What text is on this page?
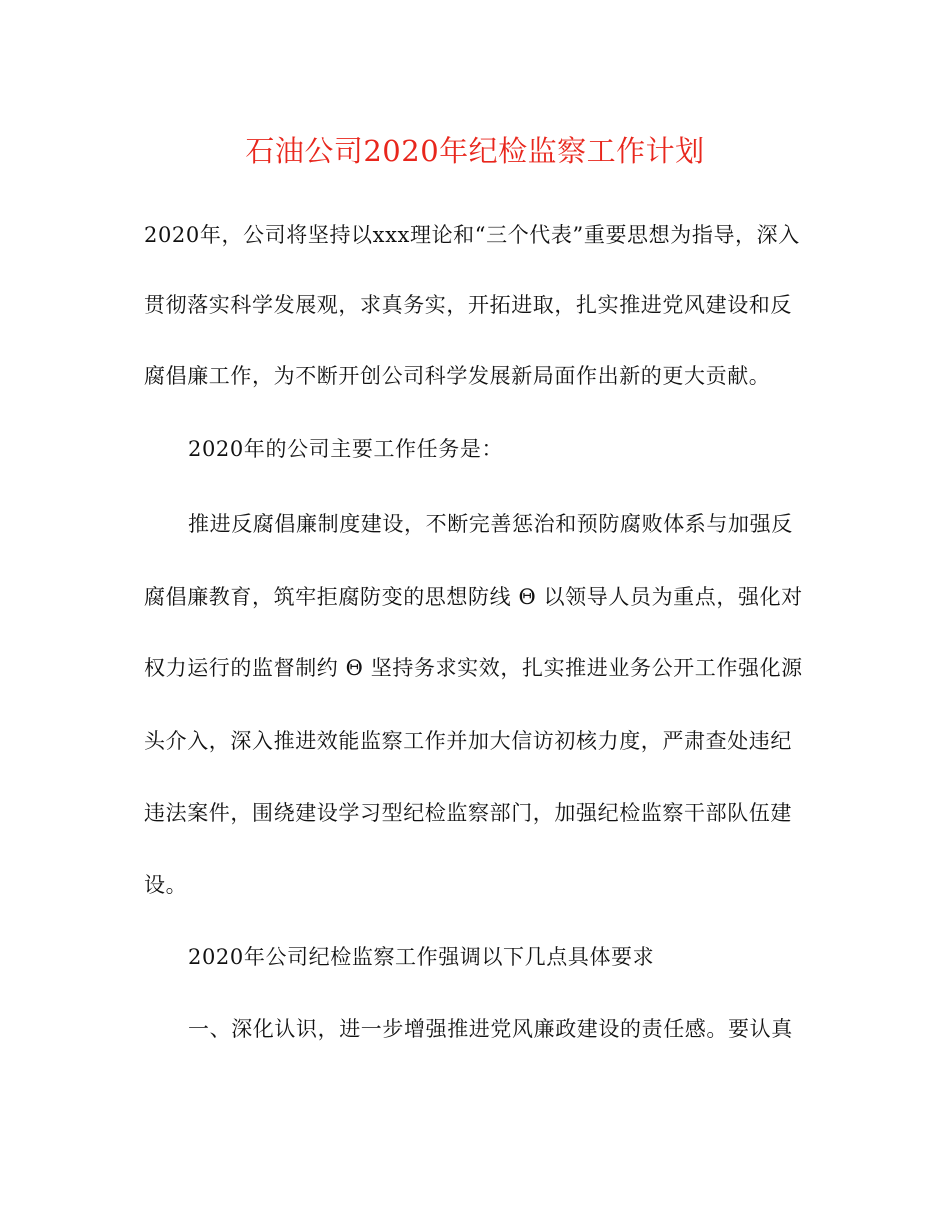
石油公司2020年纪检监察工作计划
2020年，公司将坚持以xxx理论和“三个代表”重要思想为指导，深入
贯彻落实科学发展观，求真务实，开拓进取，扎实推进党风建设和反
腐倡廉工作，为不断开创公司科学发展新局面作出新的更大贡献。
2020年的公司主要工作任务是：
推进反腐倡廉制度建设，不断完善惩治和预防腐败体系与加强反
腐倡廉教育，筑牢拒腐防变的思想防线 Θ 以领导人员为重点，强化对
权力运行的监督制约 Θ 坚持务求实效，扎实推进业务公开工作强化源
头介入，深入推进效能监察工作并加大信访初核力度，严肃查处违纪
违法案件，围绕建设学习型纪检监察部门，加强纪检监察干部队伍建
设。
2020年公司纪检监察工作强调以下几点具体要求
一、深化认识，进一步增强推进党风廉政建设的责任感。要认真
